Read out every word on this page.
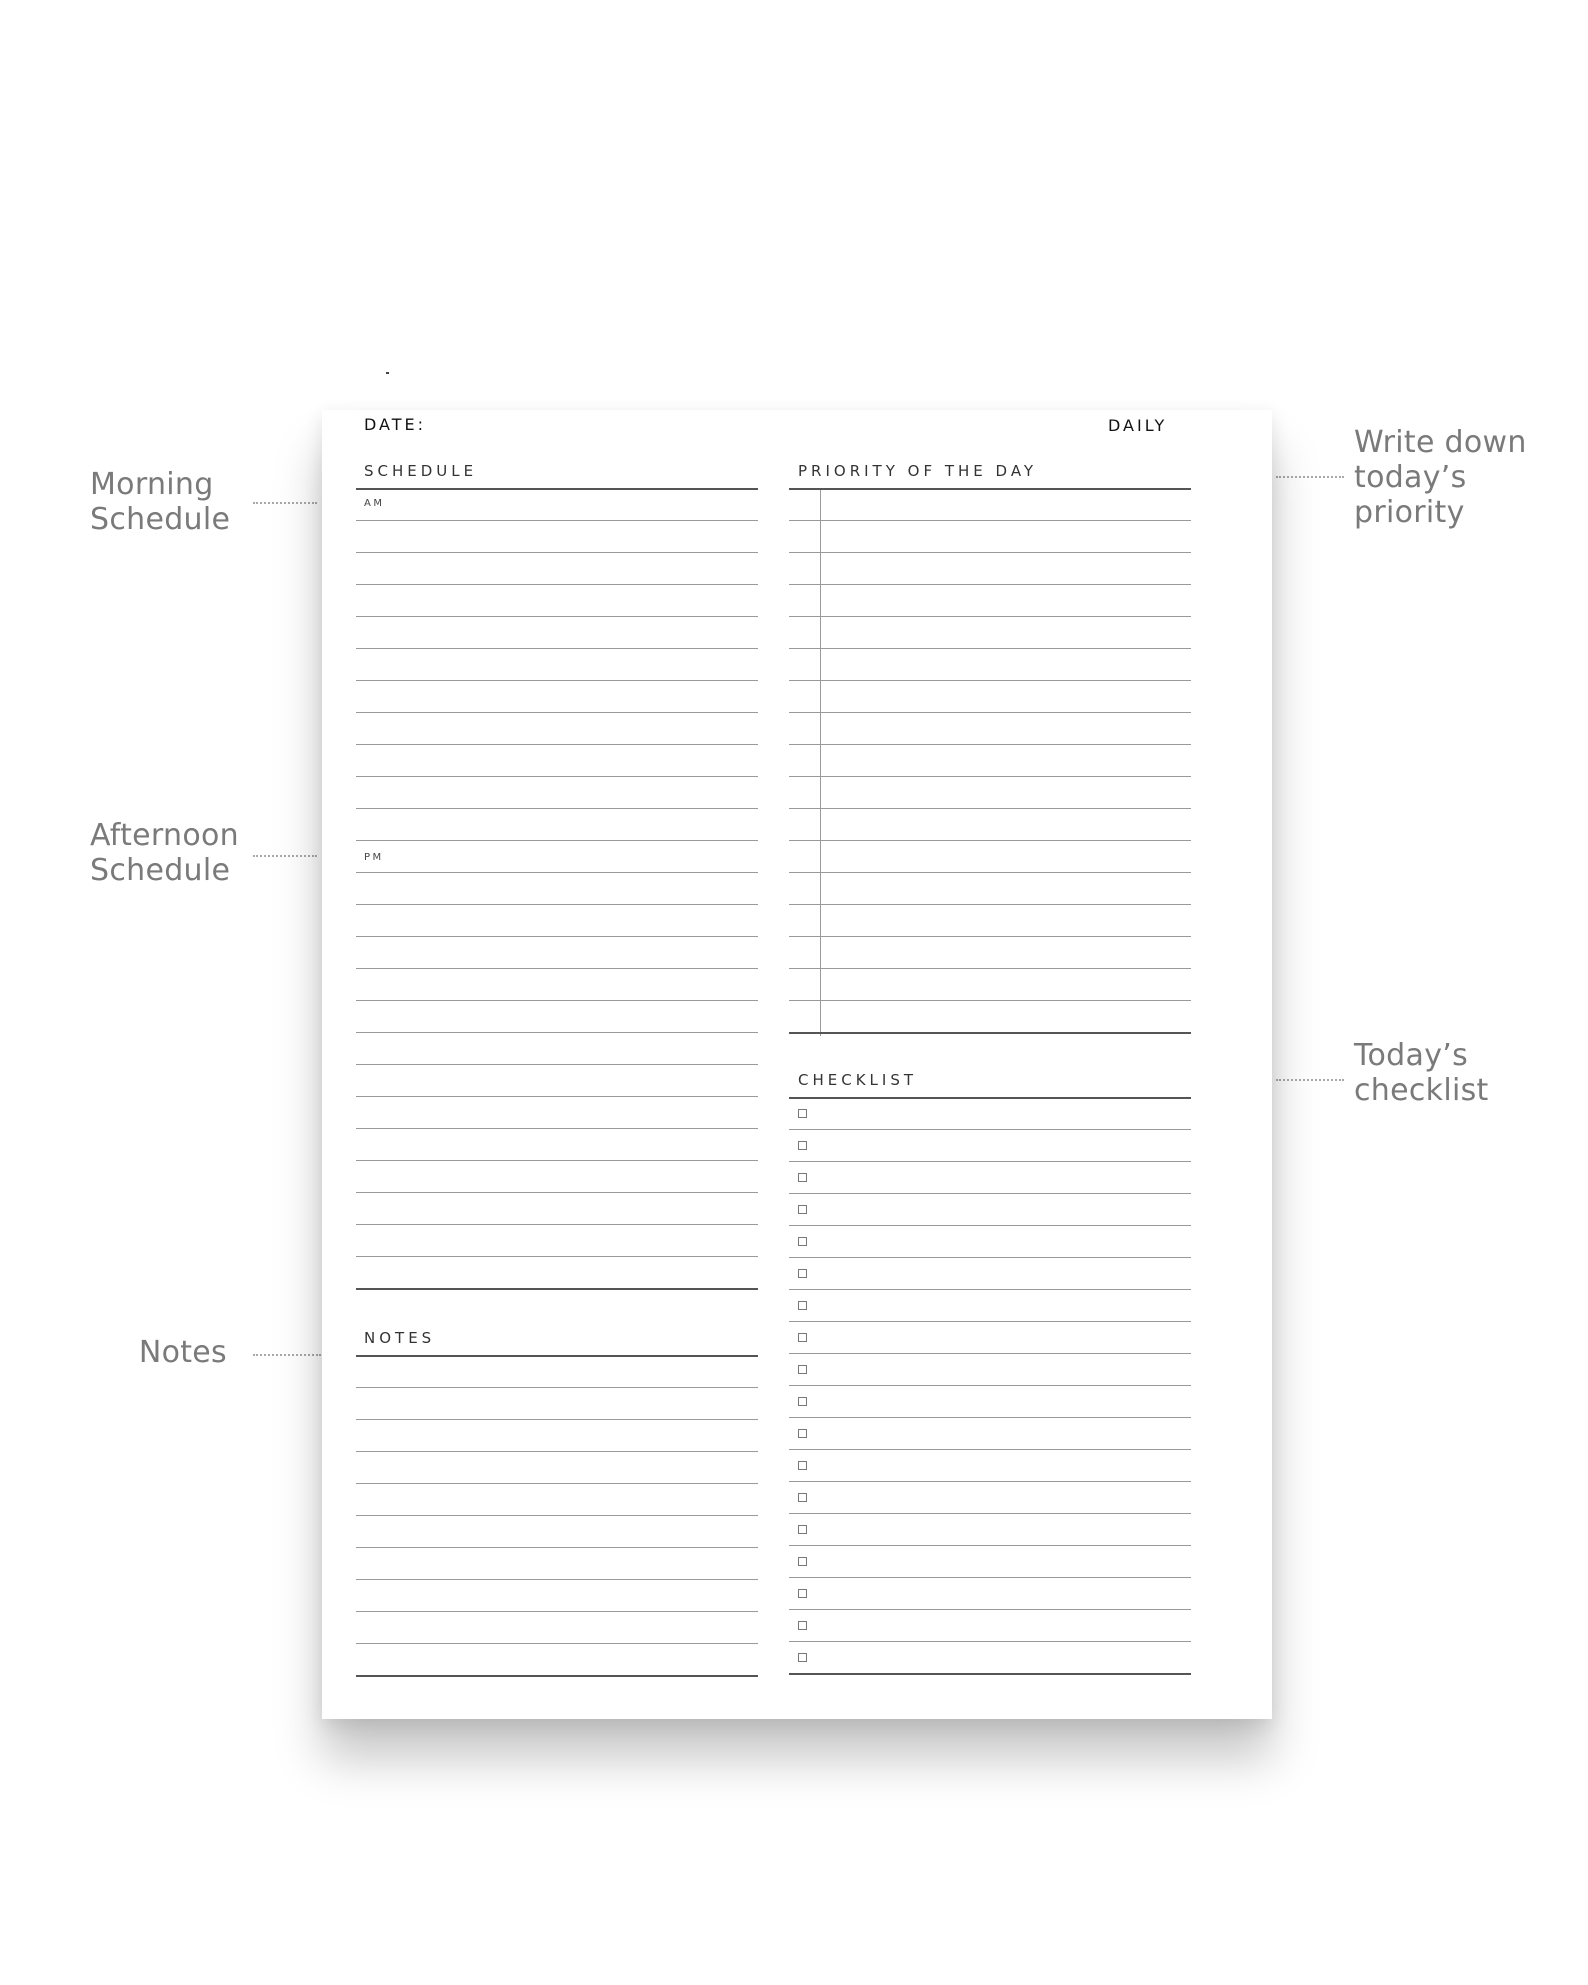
Morning
Schedule
Afternoon
Schedule
Notes
Write down
today’s
priority
Today’s
checklist
DATE:	DAILY
SCHEDULE
AM
PM
NOTES
PRIORITY OF THE DAY
CHECKLIST
